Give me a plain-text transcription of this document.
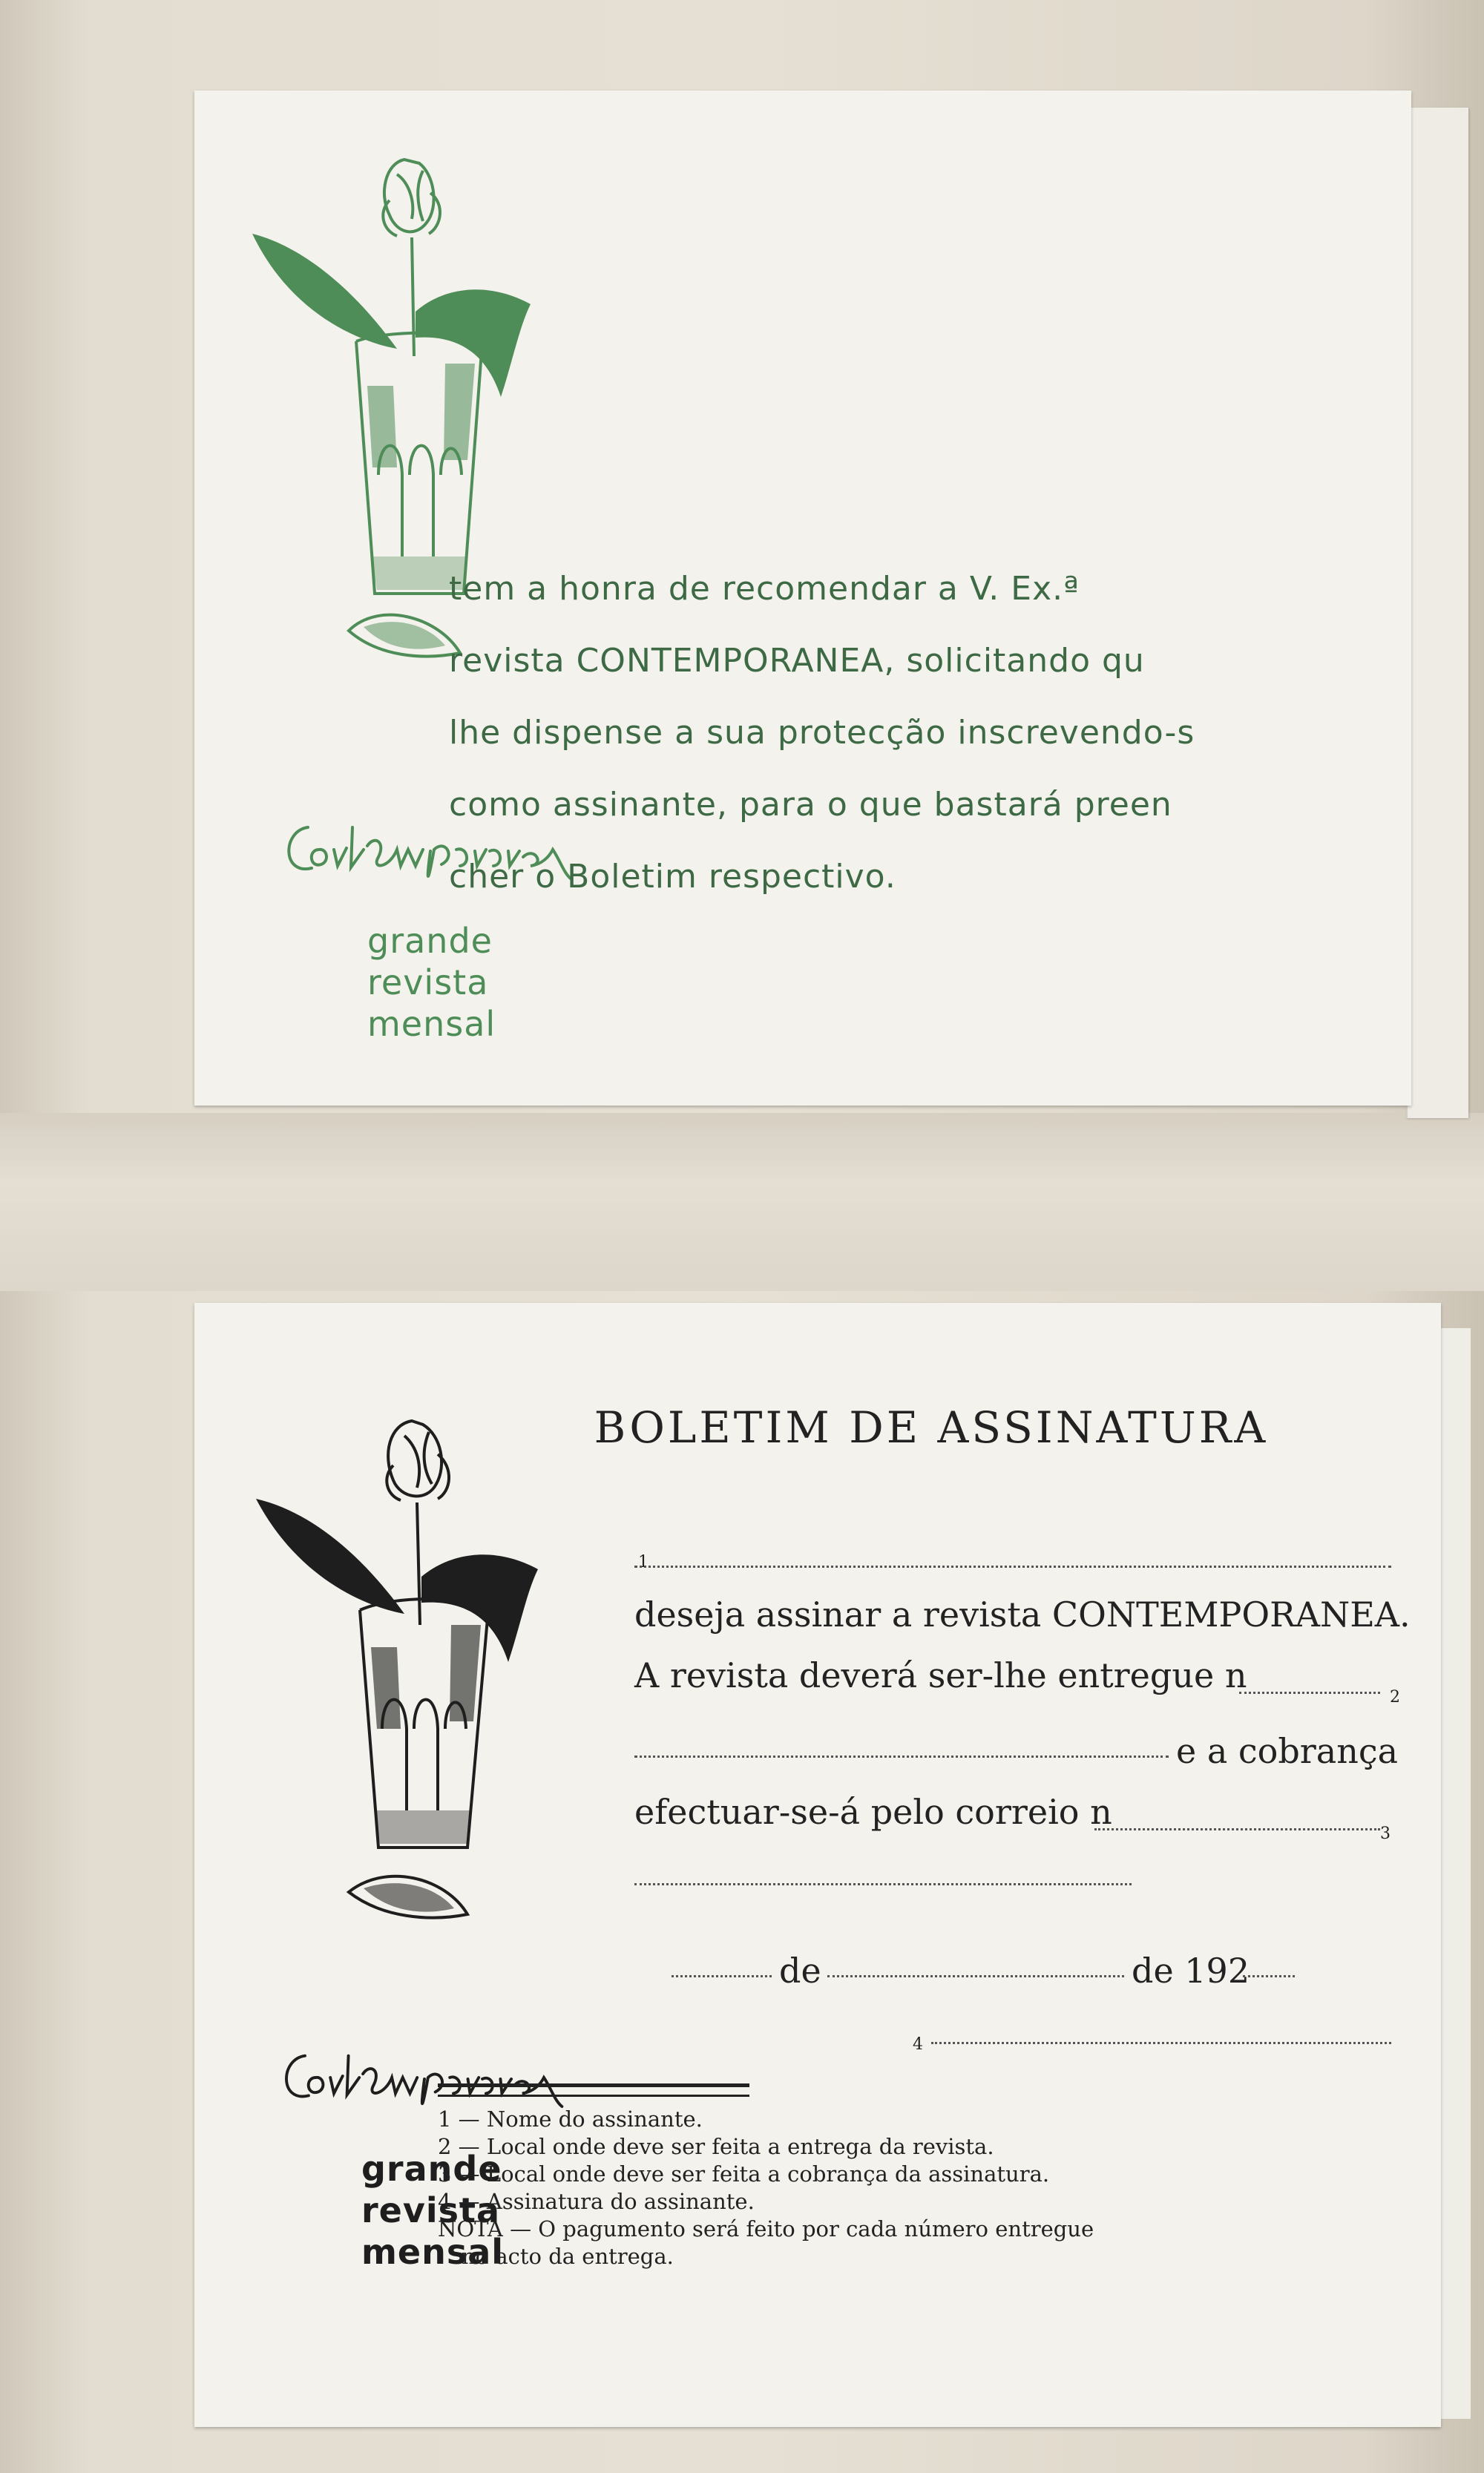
grande
revista
mensal
tem a honra de recomendar a V. Ex.ª
revista CONTEMPORANEA, solicitando qu
lhe dispense a sua protecção inscrevendo-s
como assinante, para o que bastará preen
cher o Boletim respectivo.
grande
revista
mensal
BOLETIM DE ASSINATURA
1
deseja assinar a revista CONTEMPORANEA.
A revista deverá ser-lhe entregue n
2
e a cobrança
efectuar-se-á pelo correio n
3
de	de 192
4
1 — Nome do assinante.
2 — Local onde deve ser feita a entrega da revista.
3 — Local onde deve ser feita a cobrança da assinatura.
4 — Assinatura do assinante.
NOTA — O pagumento será feito por cada número entregue
no acto da entrega.
